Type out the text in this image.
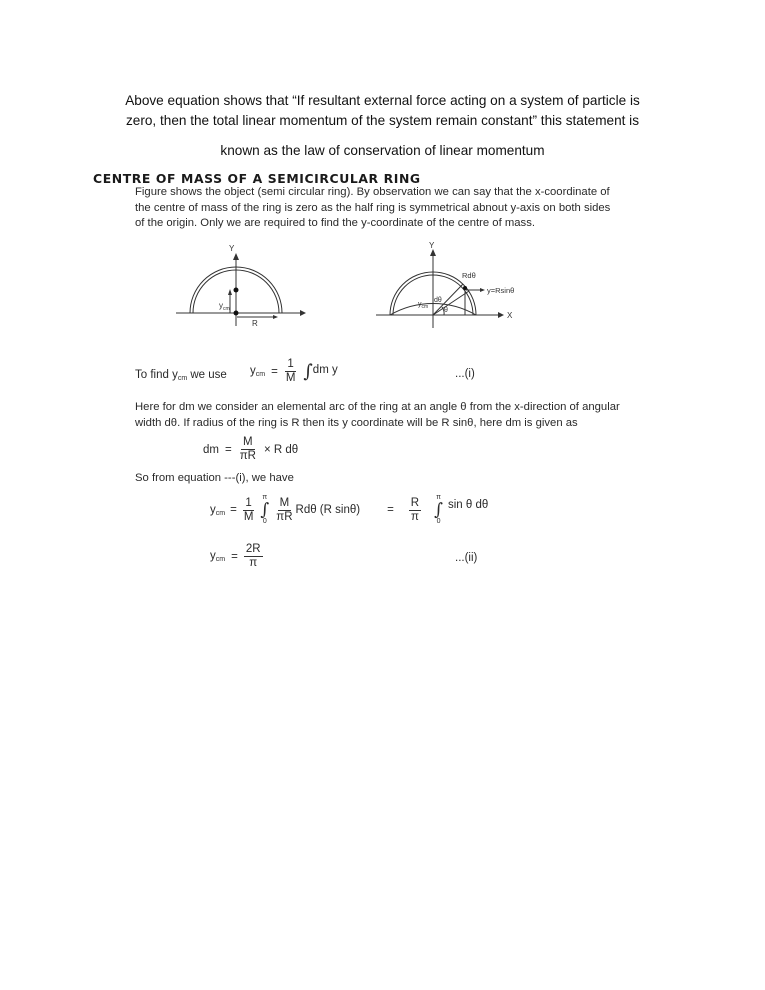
Above equation shows that “If resultant external force acting on a system of particle is
zero, then the total linear momentum of the system remain constant” this statement is
known as the law of conservation of linear momentum
CENTRE OF MASS OF A SEMICIRCULAR RING
Figure shows the object (semi circular ring). By observation we can say that the x-coordinate of
the centre of mass of the ring is zero as the half ring is symmetrical abnout y-axis on both sides
of the origin. Only we are required to find the y-coordinate of the centre of mass.
Y
$y_{cm}$
R
Y
X
Rdθ
y=Rsinθ
dθ
θ
$y_{cm}$
To find $y_{cm}$ we use $y_{cm} = \frac{1}{M}$ ∫ dm y	...(i)
Here for dm we consider an elemental arc of the ring at an angle θ from the x-direction of angular
width dθ. If radius of the ring is R then its y coordinate will be R sinθ, here dm is given as
dm = $\frac{M}{\pi R} \times R$ dθ
So from equation ---(i), we have
$y_{cm} = \frac{1}{M}$ π
∫
$0 \frac{M}{\pi R}$ Rdθ (R $\sin\theta) = \frac{R}{\pi}$ π
∫
0
sin θ dθ
$y_{cm} = \frac{2R}{\pi}$	...(ii)
